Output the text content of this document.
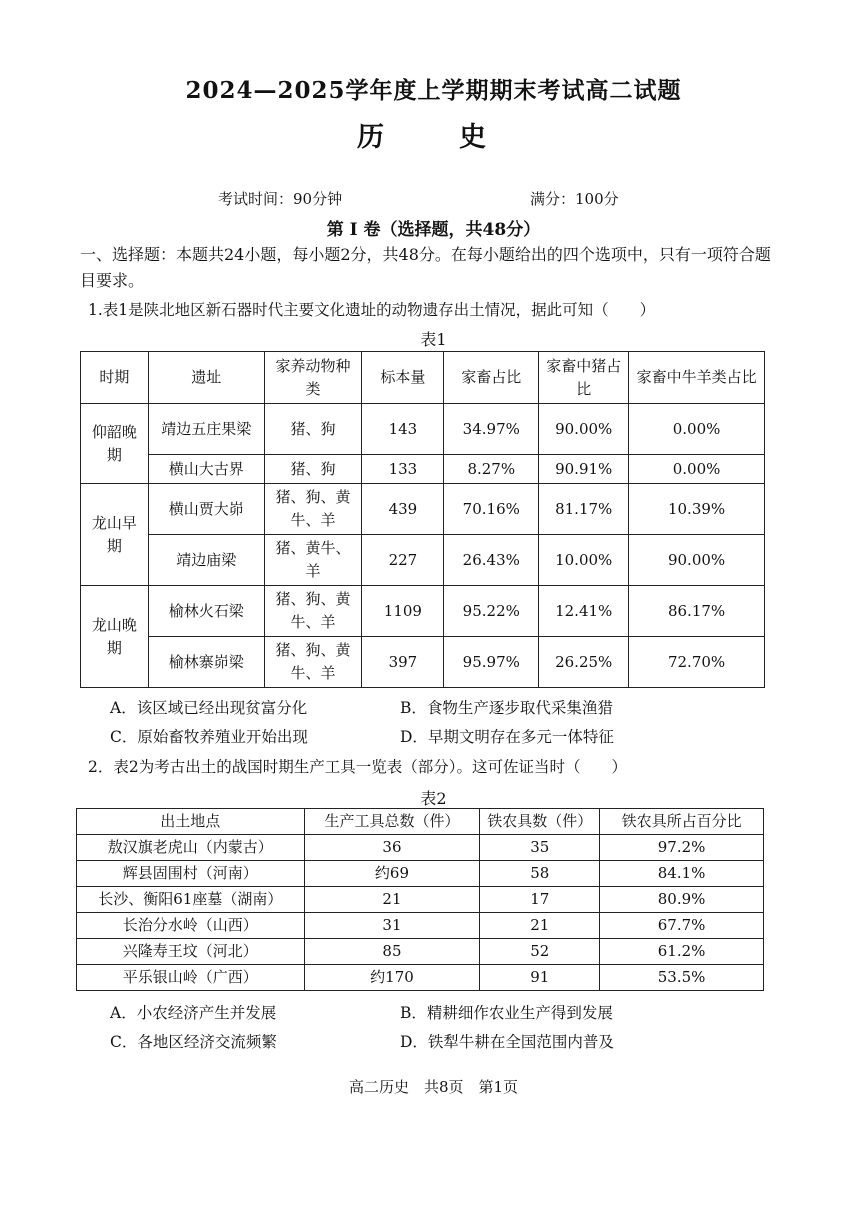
2024—2025学年度上学期期末考试高二试题
历　史
考试时间：90分钟	满分：100分
第 Ⅰ 卷（选择题，共48分）
一、选择题：本题共24小题，每小题2分，共48分。在每小题给出的四个选项中，只有一项符合题目要求。
1.表1是陕北地区新石器时代主要文化遗址的动物遗存出土情况，据此可知（　　）
表1
时期	遗址	家养动物种类	标本量	家畜占比	家畜中猪占比	家畜中牛羊类占比
仰韶晚期	靖边五庄果梁	猪、狗	143	34.97%	90.00%	0.00%
	横山大古界	猪、狗	133	8.27%	90.91%	0.00%
龙山早期	横山贾大峁	猪、狗、黄牛、羊	439	70.16%	81.17%	10.39%
	靖边庙梁	猪、黄牛、羊	227	26.43%	10.00%	90.00%
龙山晚期	榆林火石梁	猪、狗、黄牛、羊	1109	95.22%	12.41%	86.17%
	榆林寨峁梁	猪、狗、黄牛、羊	397	95.97%	26.25%	72.70%
A．该区域已经出现贫富分化	B．食物生产逐步取代采集渔猎
C．原始畜牧养殖业开始出现	D．早期文明存在多元一体特征
2．表2为考古出土的战国时期生产工具一览表（部分）。这可佐证当时（　　）
表2
出土地点	生产工具总数（件）	铁农具数（件）	铁农具所占百分比
敖汉旗老虎山（内蒙古）	36	35	97.2%
辉县固围村（河南）	约69	58	84.1%
长沙、衡阳61座墓（湖南）	21	17	80.9%
长治分水岭（山西）	31	21	67.7%
兴隆寿王坟（河北）	85	52	61.2%
平乐银山岭（广西）	约170	91	53.5%
A．小农经济产生并发展	B．精耕细作农业生产得到发展
C．各地区经济交流频繁	D．铁犁牛耕在全国范围内普及
高二历史　共8页　第1页
